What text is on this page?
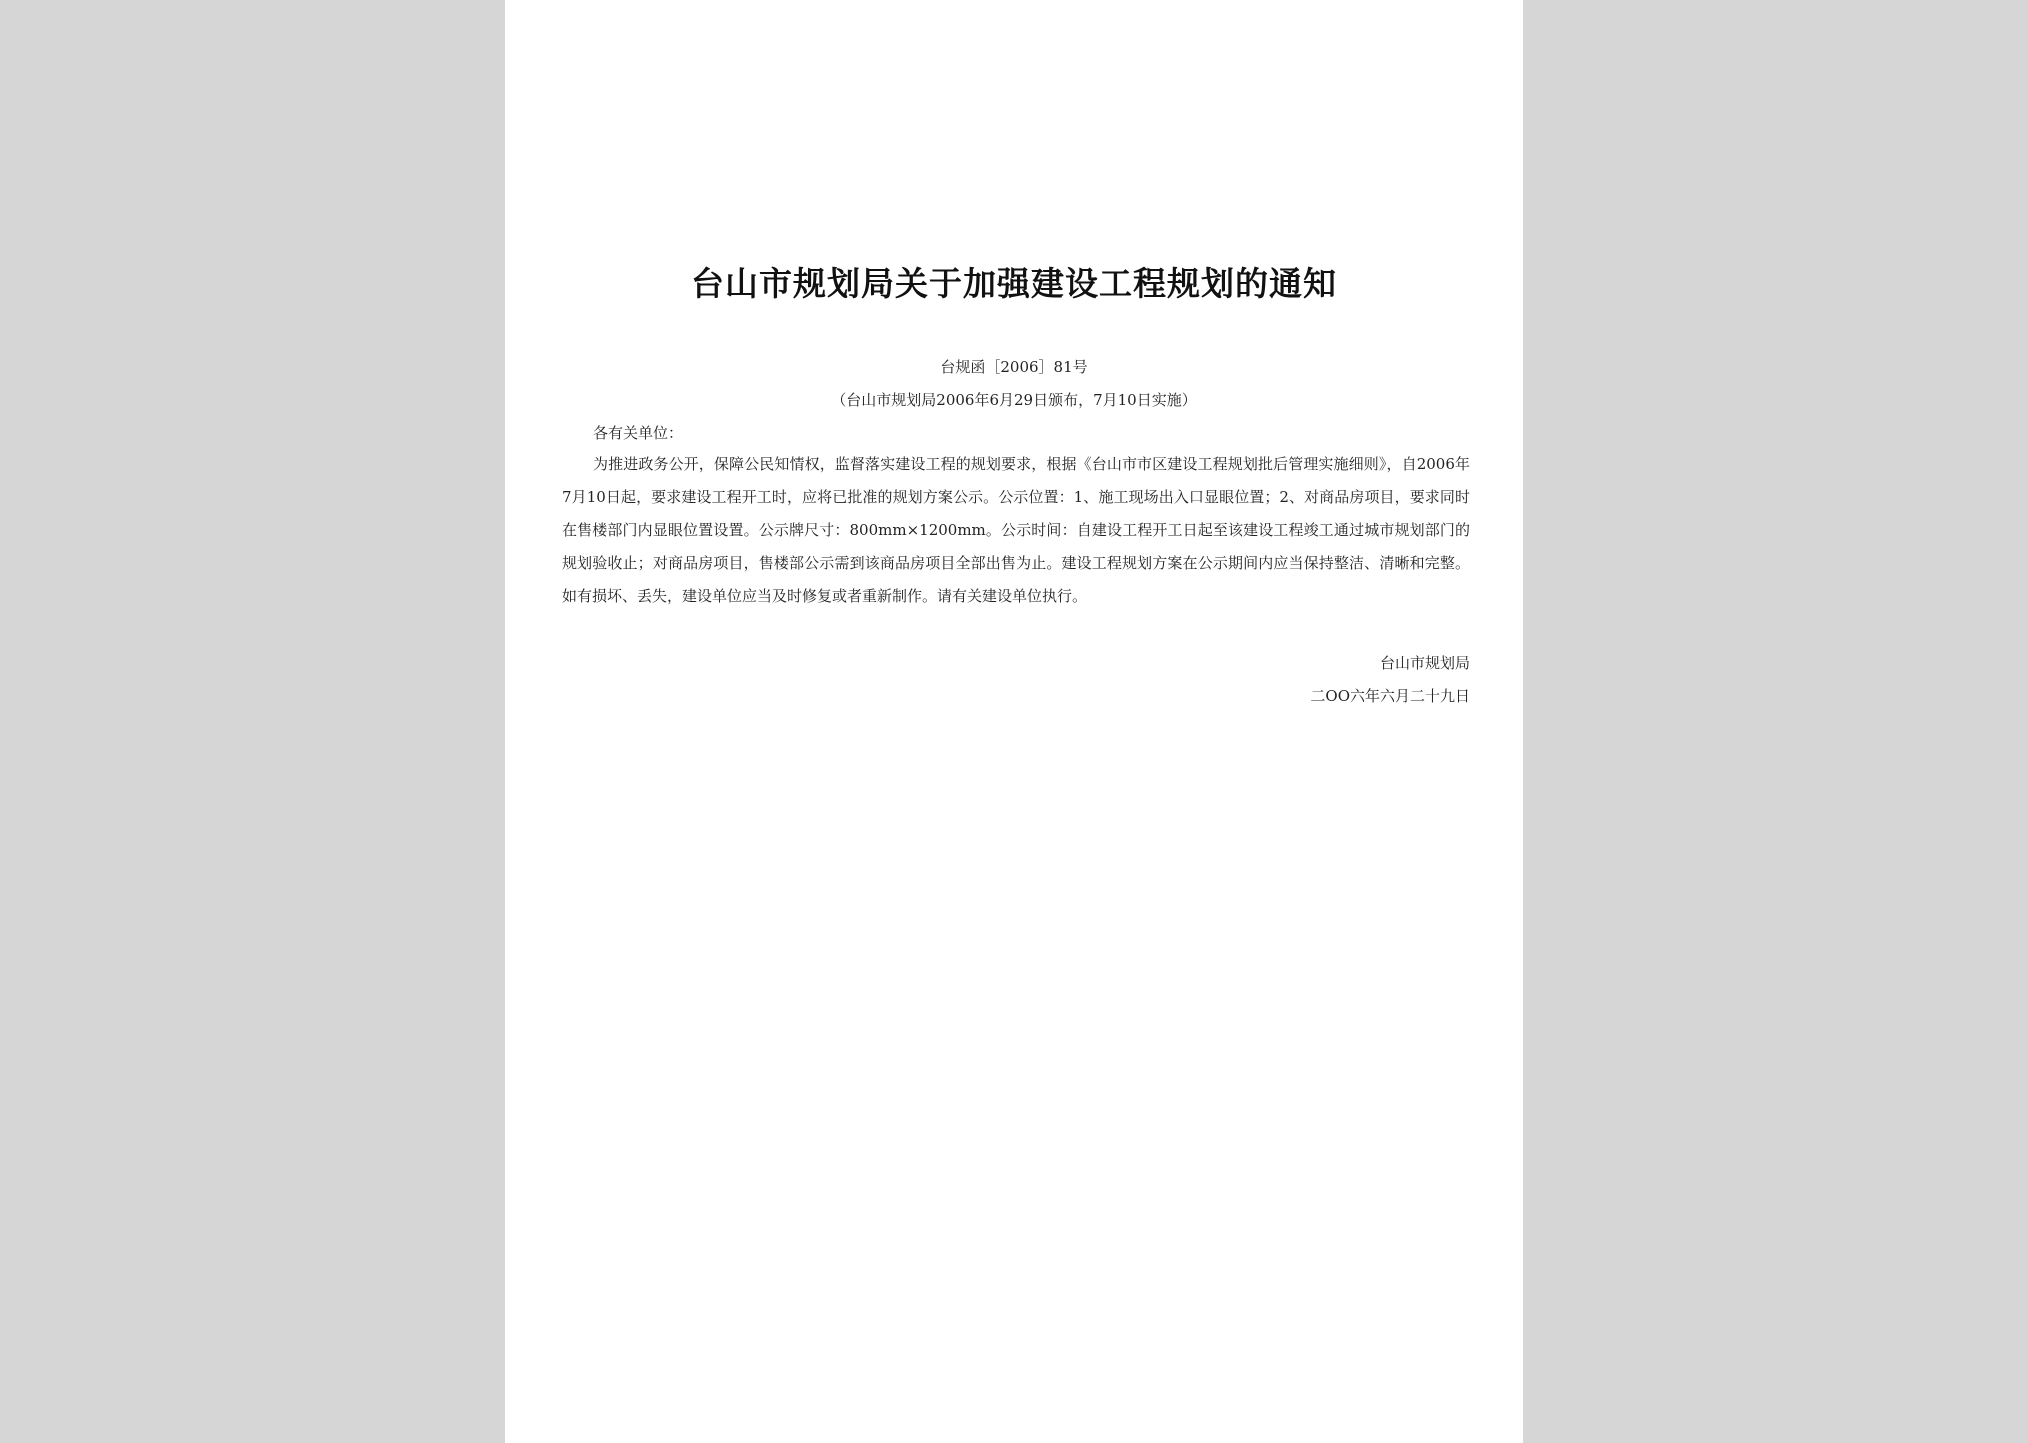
台山市规划局关于加强建设工程规划的通知
台规函［2006］81号
（台山市规划局2006年6月29日颁布，7月10日实施）
各有关单位：
为推进政务公开，保障公民知情权，监督落实建设工程的规划要求，根据《台山市市区建设工程规划批后管理实施细则》，自2006年7月10日起，要求建设工程开工时，应将已批准的规划方案公示。公示位置：1、施工现场出入口显眼位置；2、对商品房项目，要求同时在售楼部门内显眼位置设置。公示牌尺寸：800mm×1200mm。公示时间：自建设工程开工日起至该建设工程竣工通过城市规划部门的规划验收止；对商品房项目，售楼部公示需到该商品房项目全部出售为止。建设工程规划方案在公示期间内应当保持整洁、清晰和完整。如有损坏、丢失，建设单位应当及时修复或者重新制作。请有关建设单位执行。
台山市规划局
二OO六年六月二十九日
